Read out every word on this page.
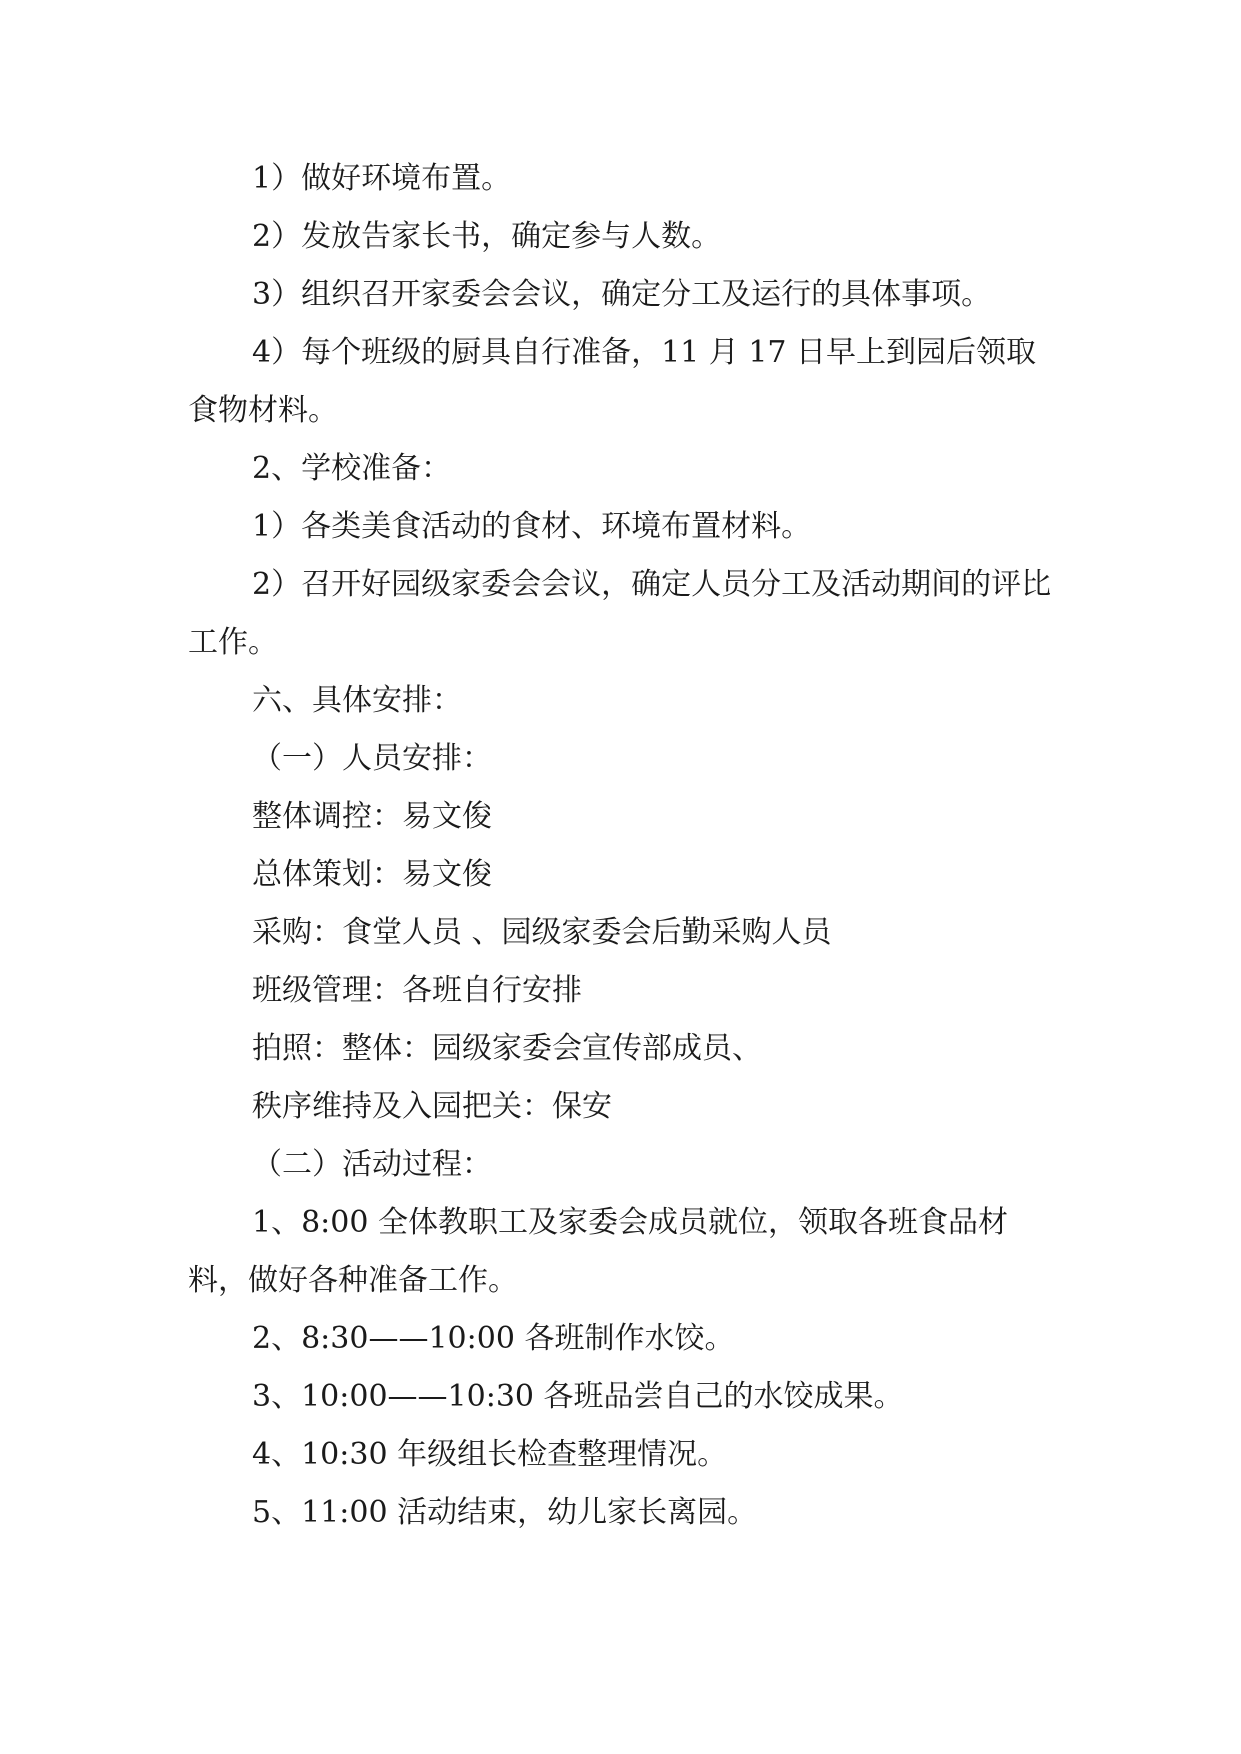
1）做好环境布置。

2）发放告家长书，确定参与人数。

3）组织召开家委会会议，确定分工及运行的具体事项。

4）每个班级的厨具自行准备，11 月 17 日早上到园后领取食物材料。

2、学校准备：

1）各类美食活动的食材、环境布置材料。

2）召开好园级家委会会议，确定人员分工及活动期间的评比工作。

六、具体安排：

（一）人员安排：

整体调控：易文俊

总体策划：易文俊

采购：食堂人员 、园级家委会后勤采购人员

班级管理：各班自行安排

拍照：整体：园级家委会宣传部成员、

秩序维持及入园把关：保安

（二）活动过程：

1、8:00 全体教职工及家委会成员就位，领取各班食品材料，做好各种准备工作。

2、8:30——10:00 各班制作水饺。

3、10:00——10:30 各班品尝自己的水饺成果。

4、10:30 年级组长检查整理情况。

5、11:00 活动结束，幼儿家长离园。
